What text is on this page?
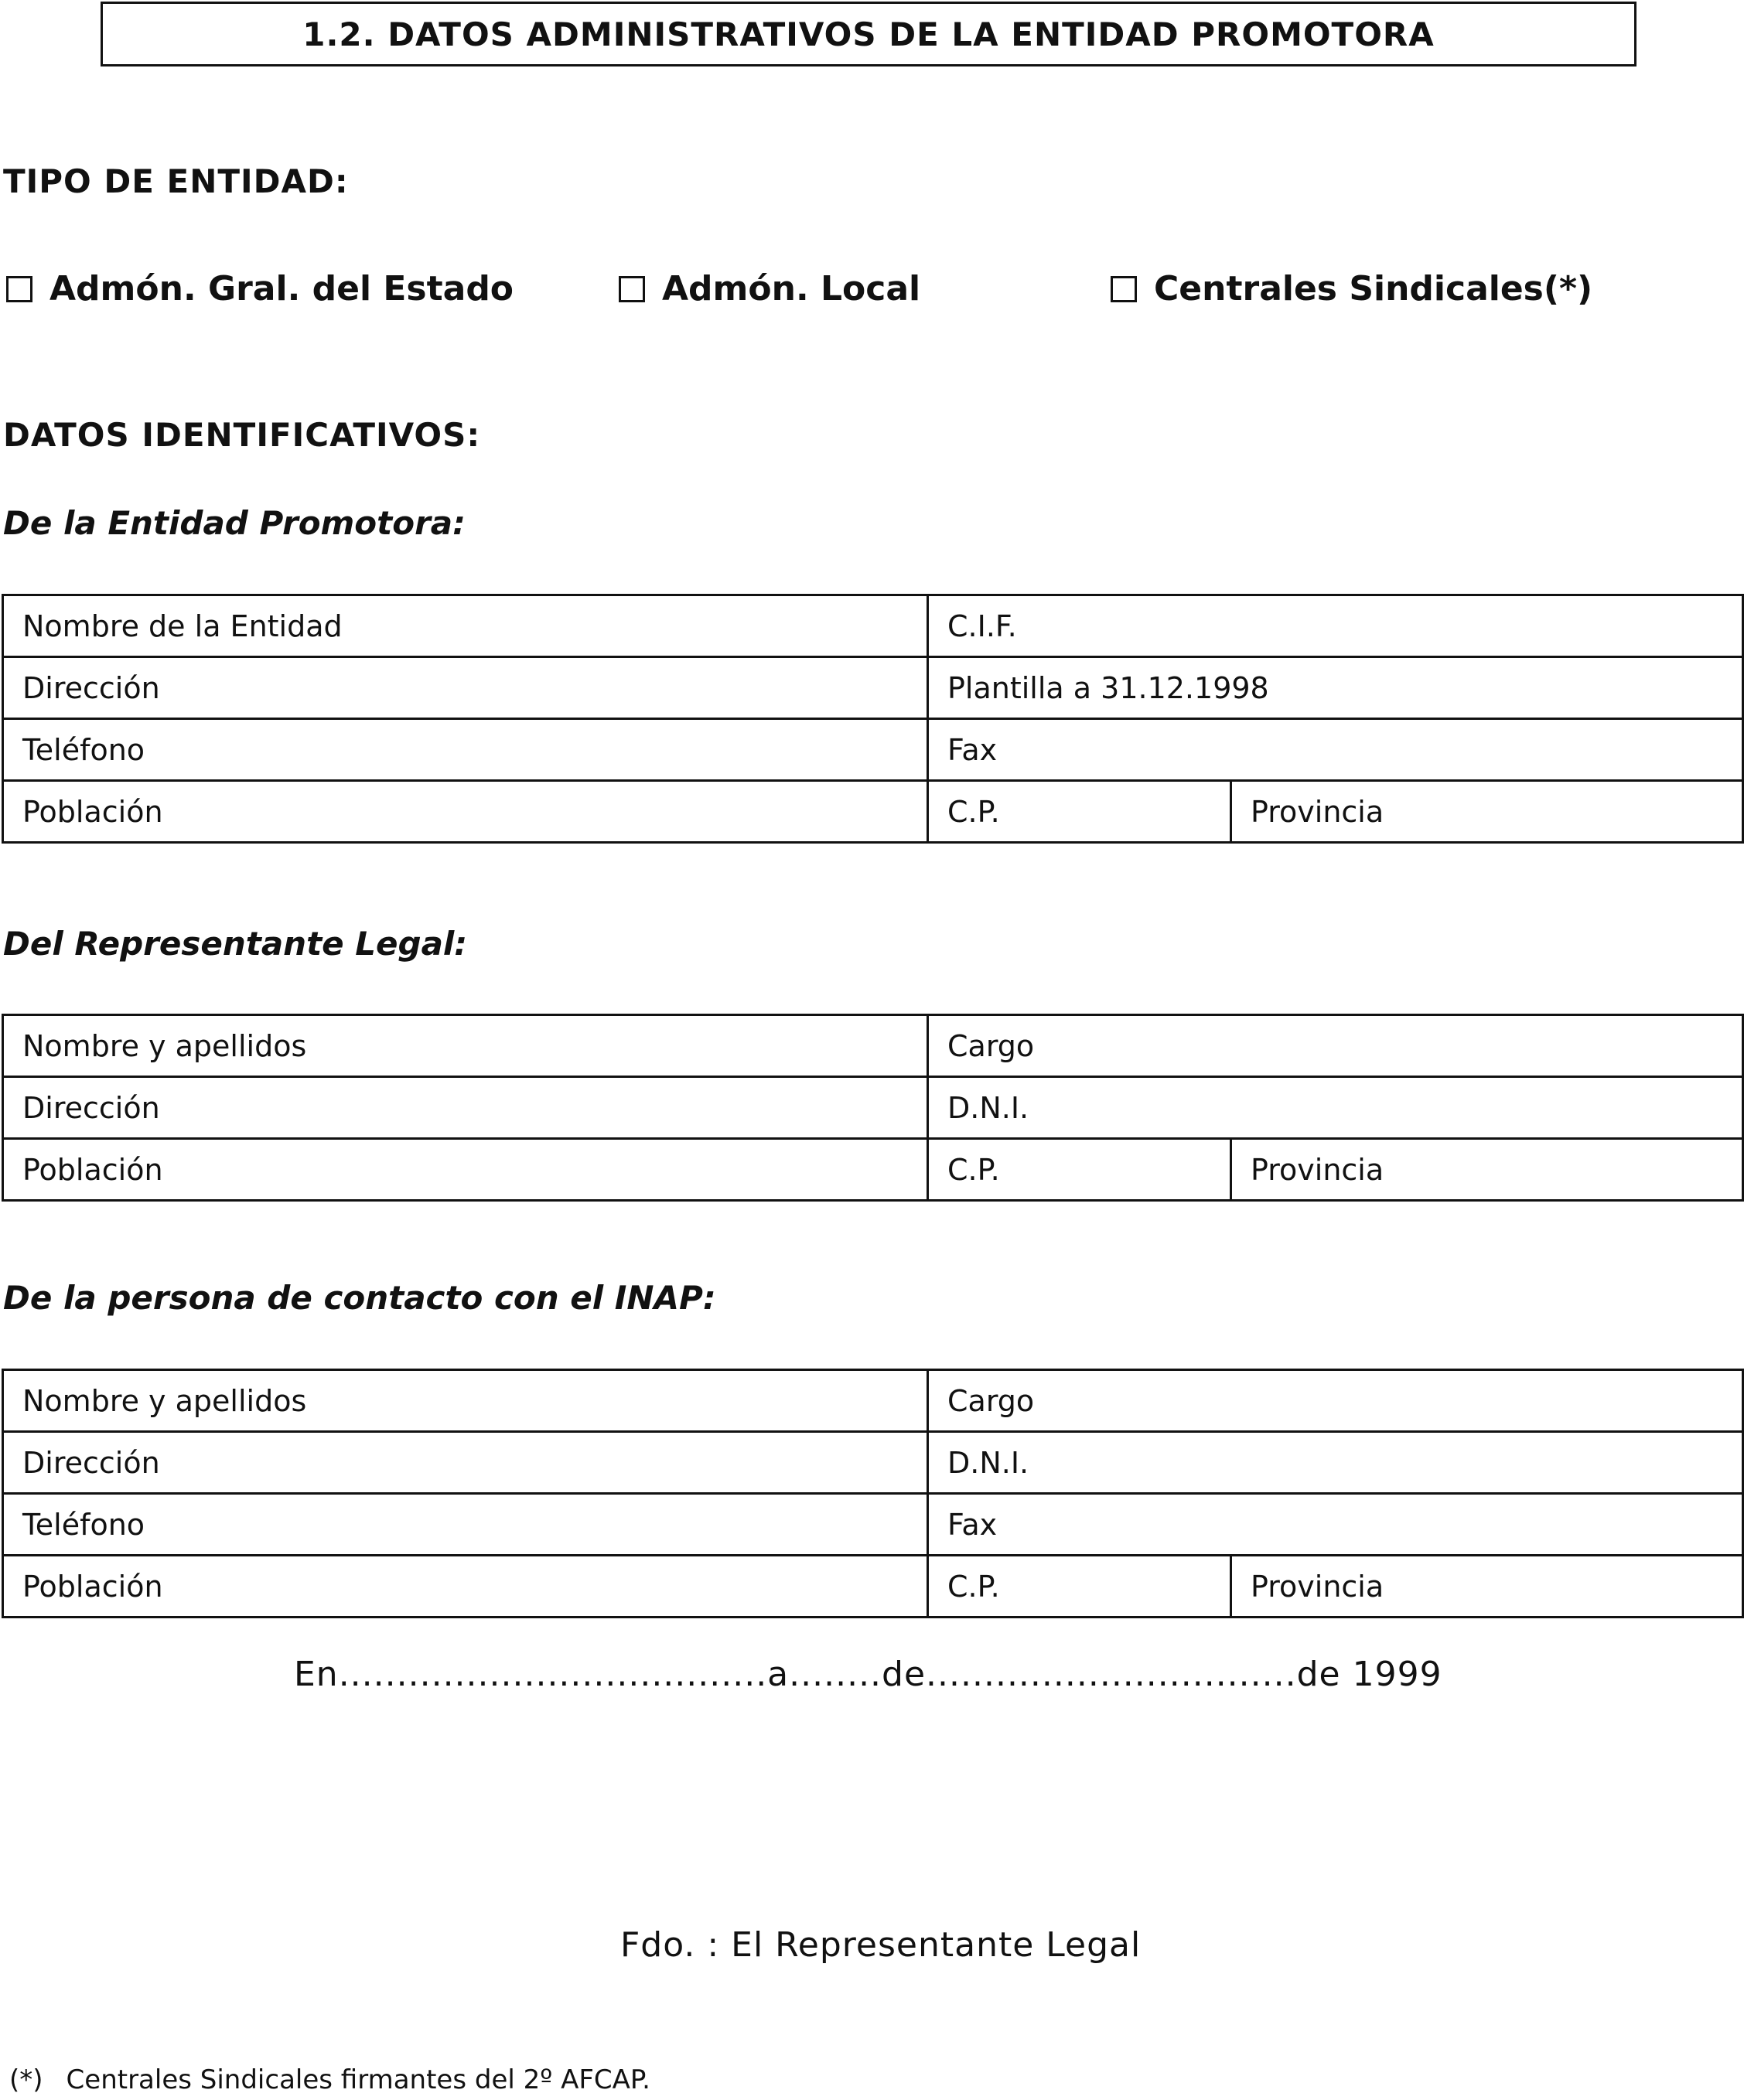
1.2. DATOS ADMINISTRATIVOS DE LA ENTIDAD PROMOTORA
TIPO DE ENTIDAD:
Admón. Gral. del Estado	Admón. Local	Centrales Sindicales(*)
DATOS IDENTIFICATIVOS:
De la Entidad Promotora:
Nombre de la Entidad	C.I.F.	
Dirección	Plantilla a 31.12.1998	
Teléfono	Fax	
Población	C.P.	Provincia
Del Representante Legal:
Nombre y apellidos	Cargo	
Dirección	D.N.I.	
Población	C.P.	Provincia
De la persona de contacto con el INAP:
Nombre y apellidos	Cargo	
Dirección	D.N.I.	
Teléfono	Fax	
Población	C.P.	Provincia
En.....................................a........de................................de 1999
Fdo. : El Representante Legal
(*) Centrales Sindicales firmantes del 2º AFCAP.
